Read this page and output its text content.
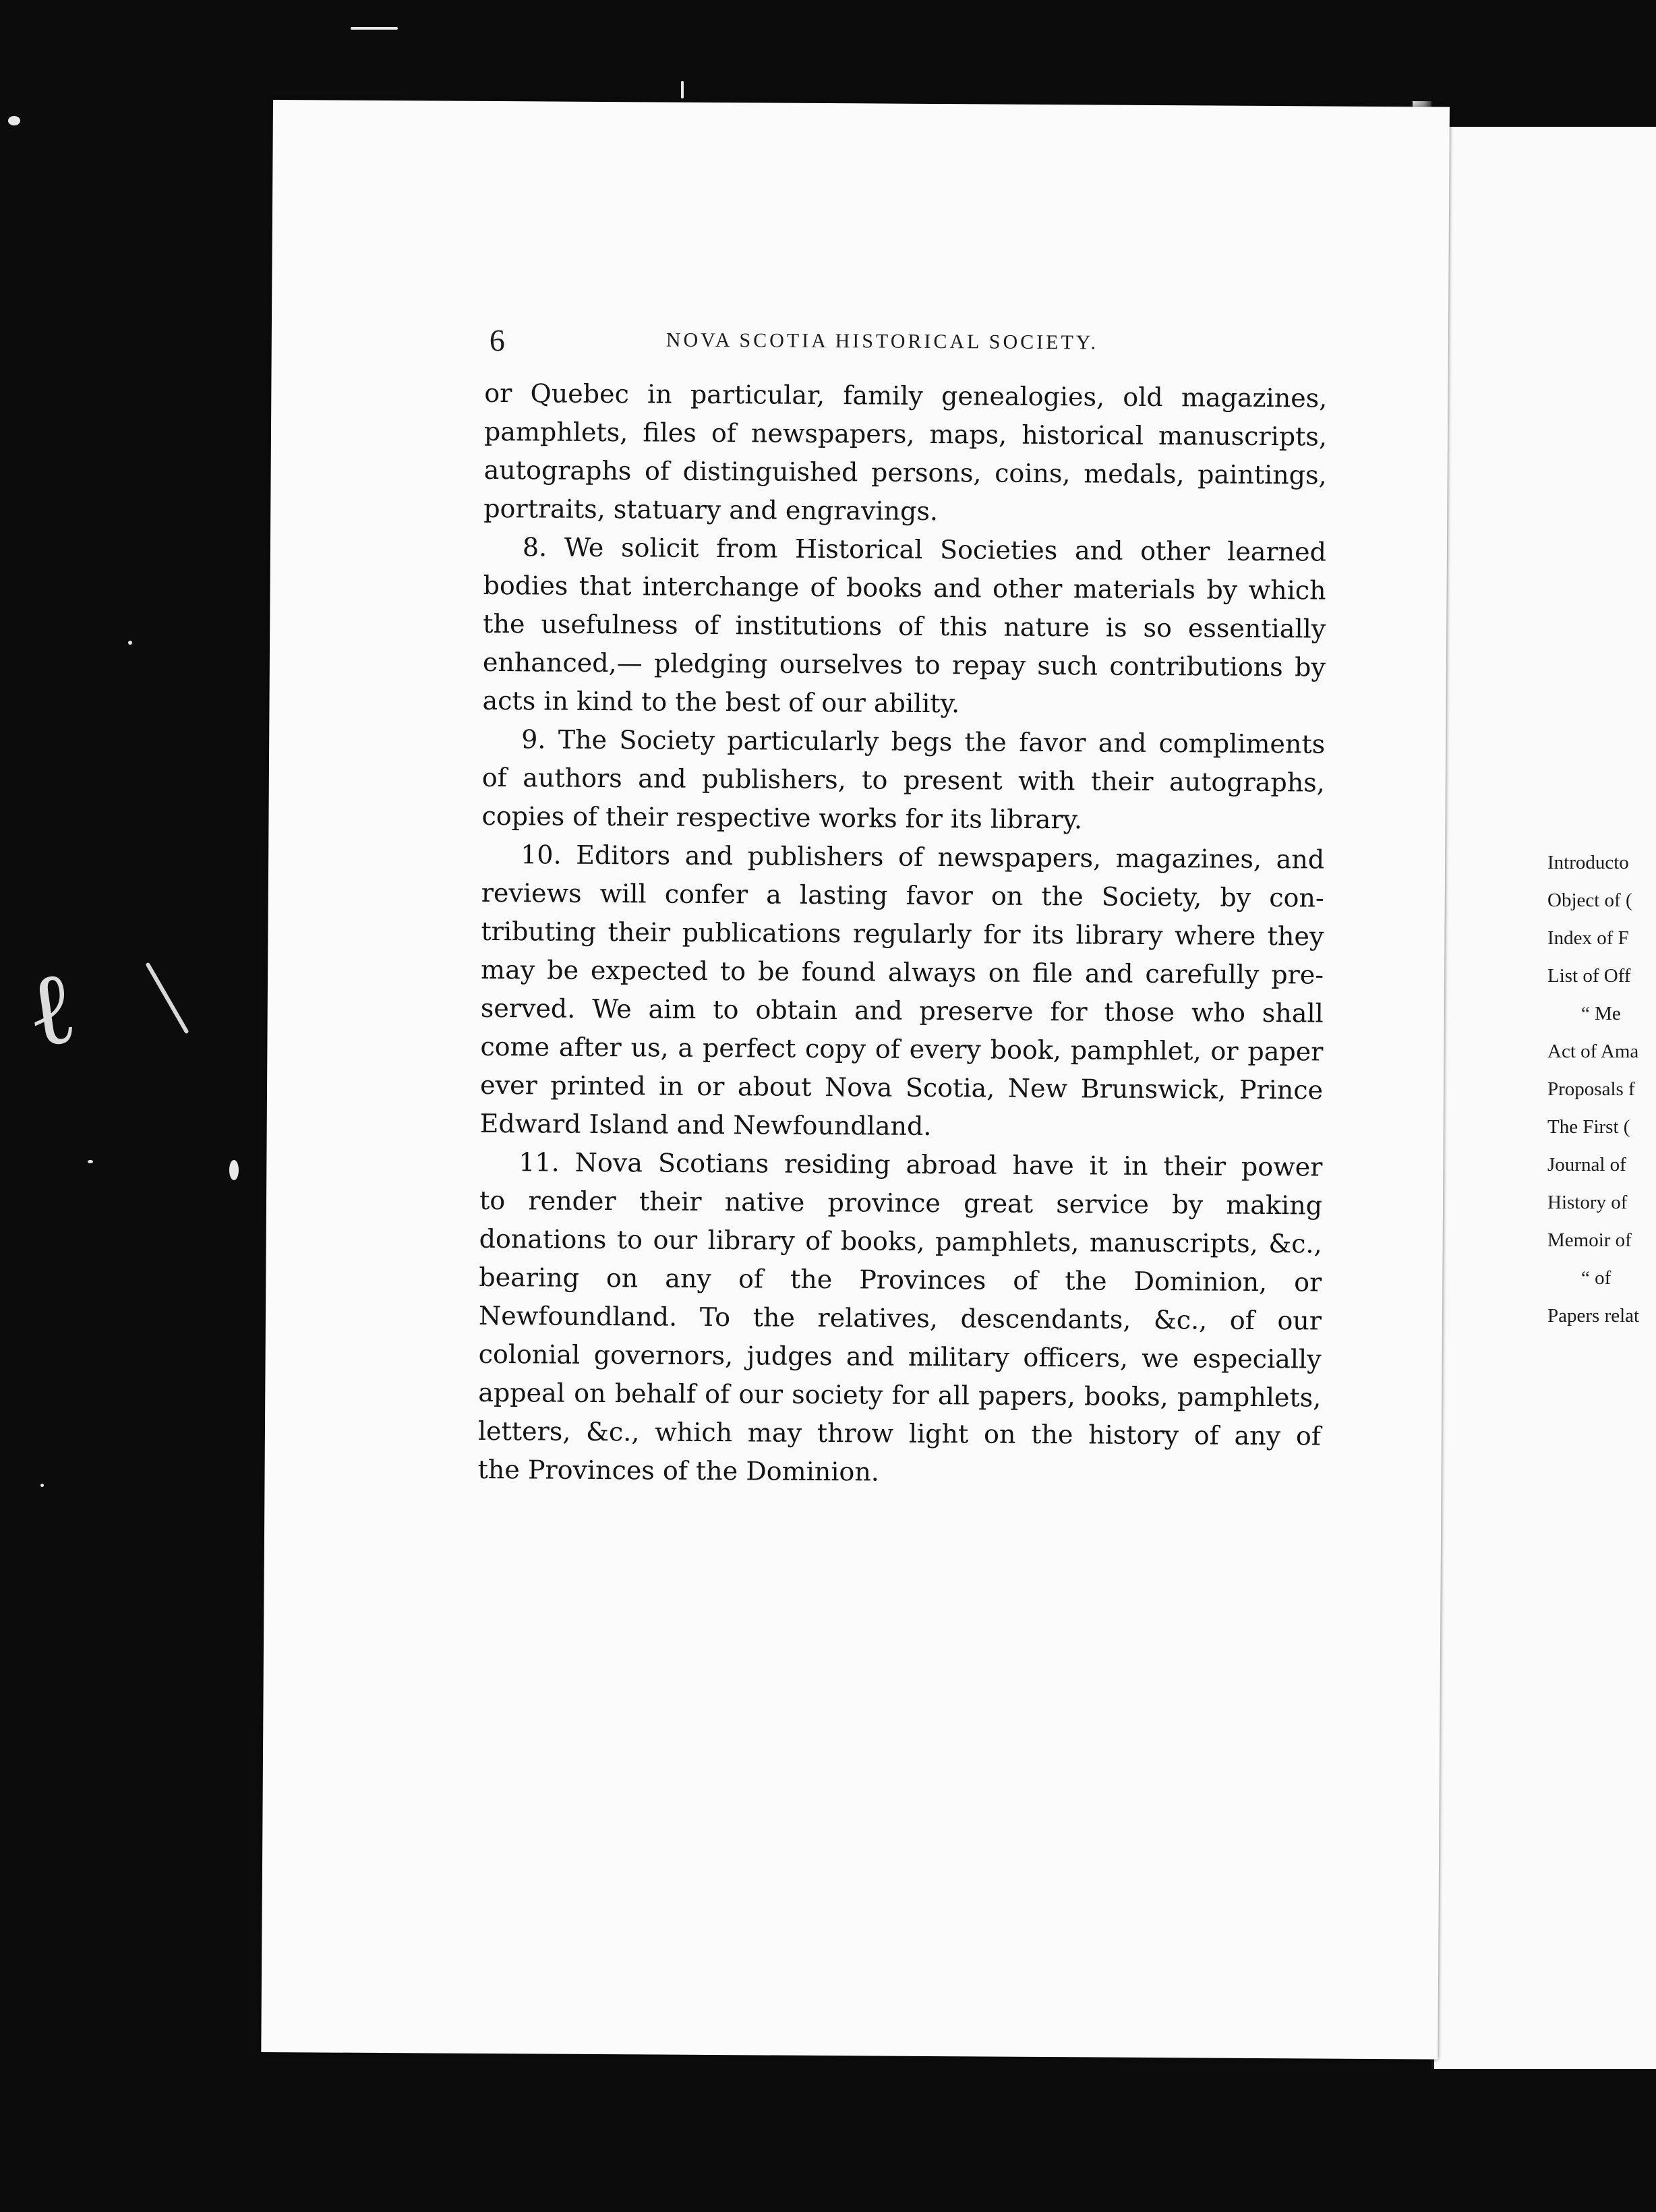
ℓ
6	NOVA SCOTIA HISTORICAL SOCIETY.
or Quebec in particular, family genealogies, old magazines,
pamphlets, files of newspapers, maps, historical manuscripts,
autographs of distinguished persons, coins, medals, paintings,
portraits, statuary and engravings.
8. We solicit from Historical Societies and other learned
bodies that interchange of books and other materials by which
the usefulness of institutions of this nature is so essentially
enhanced,— pledging ourselves to repay such contributions by
acts in kind to the best of our ability.
9. The Society particularly begs the favor and compliments
of authors and publishers, to present with their autographs,
copies of their respective works for its library.
10. Editors and publishers of newspapers, magazines, and
reviews will confer a lasting favor on the Society, by con-
tributing their publications regularly for its library where they
may be expected to be found always on file and carefully pre-
served. We aim to obtain and preserve for those who shall
come after us, a perfect copy of every book, pamphlet, or paper
ever printed in or about Nova Scotia, New Brunswick, Prince
Edward Island and Newfoundland.
11. Nova Scotians residing abroad have it in their power
to render their native province great service by making
donations to our library of books, pamphlets, manuscripts, &c.,
bearing on any of the Provinces of the Dominion, or
Newfoundland. To the relatives, descendants, &c., of our
colonial governors, judges and military officers, we especially
appeal on behalf of our society for all papers, books, pamphlets,
letters, &c., which may throw light on the history of any of
the Provinces of the Dominion.
Introducto
Object of (
Index of F
List of Off
“ Me
Act of Ama
Proposals f
The First (
Journal of
History of
Memoir of
“ of
Papers relat
